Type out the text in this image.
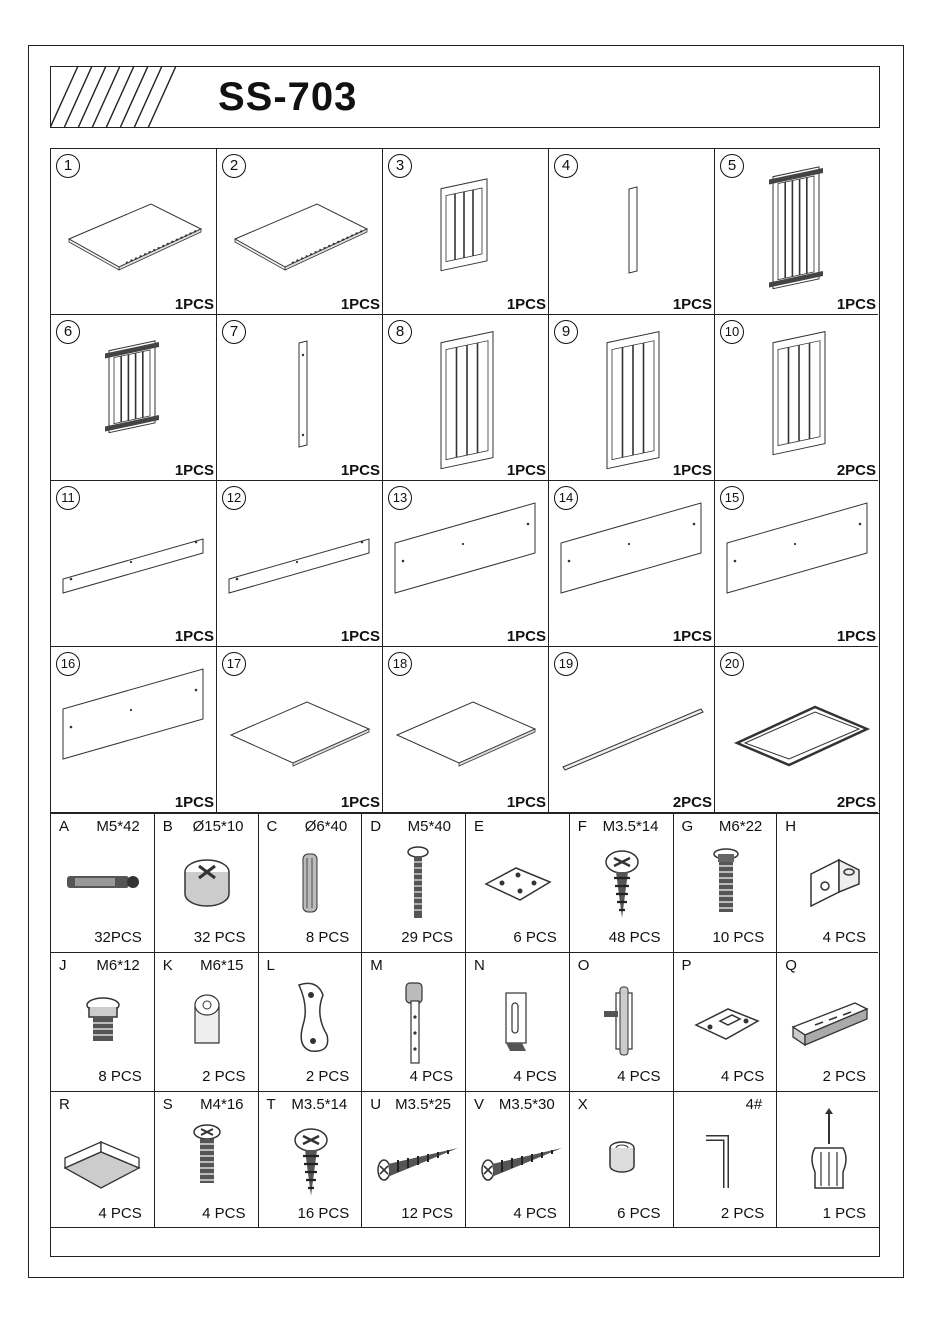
SS-703
1
1PCS
2
1PCS
3
1PCS
4
1PCS
5
1PCS
6
1PCS
7
1PCS
8
1PCS
9
1PCS
10
2PCS
11
1PCS
12
1PCS
13
1PCS
14
1PCS
15
1PCS
16
1PCS
17
1PCS
18
1PCS
19
2PCS
20
2PCS
A M5*42
32PCS
B Ø15*10
32 PCS
C Ø6*40
8 PCS
D M5*40
29 PCS
E
6 PCS
F M3.5*14
48 PCS
G M6*22
10 PCS
H
4 PCS
J M6*12
8 PCS
K M6*15
2 PCS
L
2 PCS
M
4 PCS
N
4 PCS
O
4 PCS
P
4 PCS
Q
2 PCS
R
4 PCS
S M4*16
4 PCS
T M3.5*14
16 PCS
U M3.5*25
12 PCS
V M3.5*30
4 PCS
X
6 PCS
4#
2 PCS	1 PCS
